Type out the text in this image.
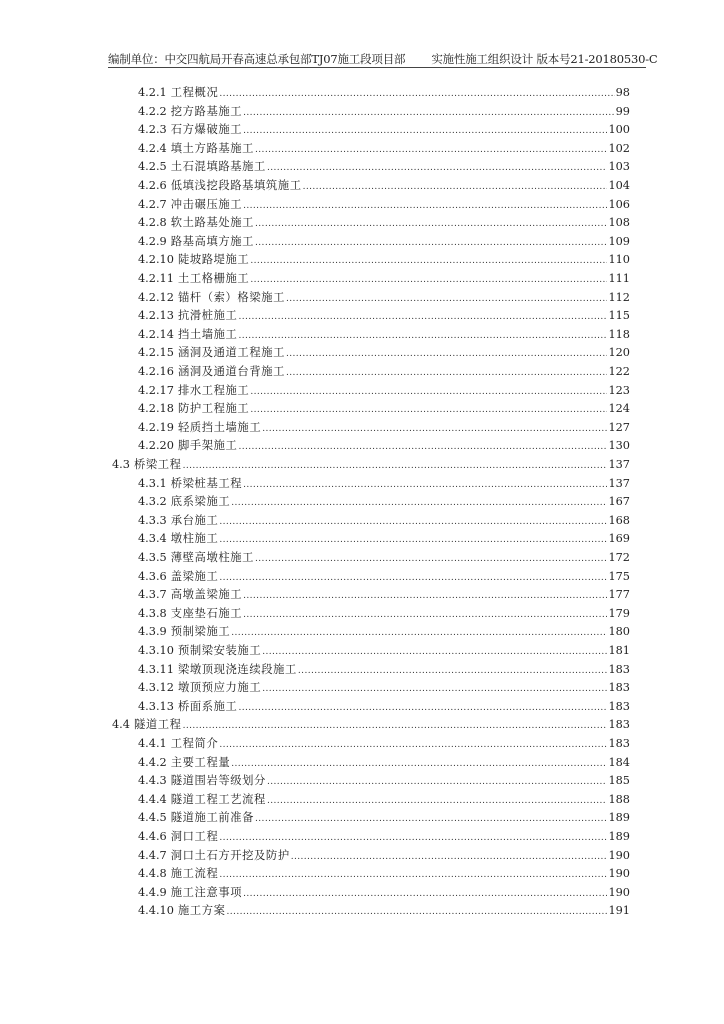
编制单位：中交四航局开春高速总承包部TJ07施工段项目部 实施性施工组织设计 版本号21-20180530-C
4.2.1 工程概况 .....	98
4.2.2 挖方路基施工 .....	99
4.2.3 石方爆破施工 .....	100
4.2.4 填土方路基施工 .....	102
4.2.5 土石混填路基施工 .....	103
4.2.6 低填浅挖段路基填筑施工 .....	104
4.2.7 冲击碾压施工 .....	106
4.2.8 软土路基处施工 .....	108
4.2.9 路基高填方施工 .....	109
4.2.10 陡坡路堤施工 .....	110
4.2.11 土工格栅施工 .....	111
4.2.12 锚杆（索）格梁施工 .....	112
4.2.13 抗滑桩施工 .....	115
4.2.14 挡土墙施工 .....	118
4.2.15 涵洞及通道工程施工 .....	120
4.2.16 涵洞及通道台背施工 .....	122
4.2.17 排水工程施工 .....	123
4.2.18 防护工程施工 .....	124
4.2.19 轻质挡土墙施工 .....	127
4.2.20 脚手架施工 .....	130
4.3 桥梁工程 .....	137
4.3.1 桥梁桩基工程 .....	137
4.3.2 底系梁施工 .....	167
4.3.3 承台施工 .....	168
4.3.4 墩柱施工 .....	169
4.3.5 薄壁高墩柱施工 .....	172
4.3.6 盖梁施工 .....	175
4.3.7 高墩盖梁施工 .....	177
4.3.8 支座垫石施工 .....	179
4.3.9 预制梁施工 .....	180
4.3.10 预制梁安装施工 .....	181
4.3.11 梁墩顶现浇连续段施工 .....	183
4.3.12 墩顶预应力施工 .....	183
4.3.13 桥面系施工 .....	183
4.4 隧道工程 .....	183
4.4.1 工程简介 .....	183
4.4.2 主要工程量 .....	184
4.4.3 隧道围岩等级划分 .....	185
4.4.4 隧道工程工艺流程 .....	188
4.4.5 隧道施工前准备 .....	189
4.4.6 洞口工程 .....	189
4.4.7 洞口土石方开挖及防护 .....	190
4.4.8 施工流程 .....	190
4.4.9 施工注意事项 .....	190
4.4.10 施工方案 .....	191
